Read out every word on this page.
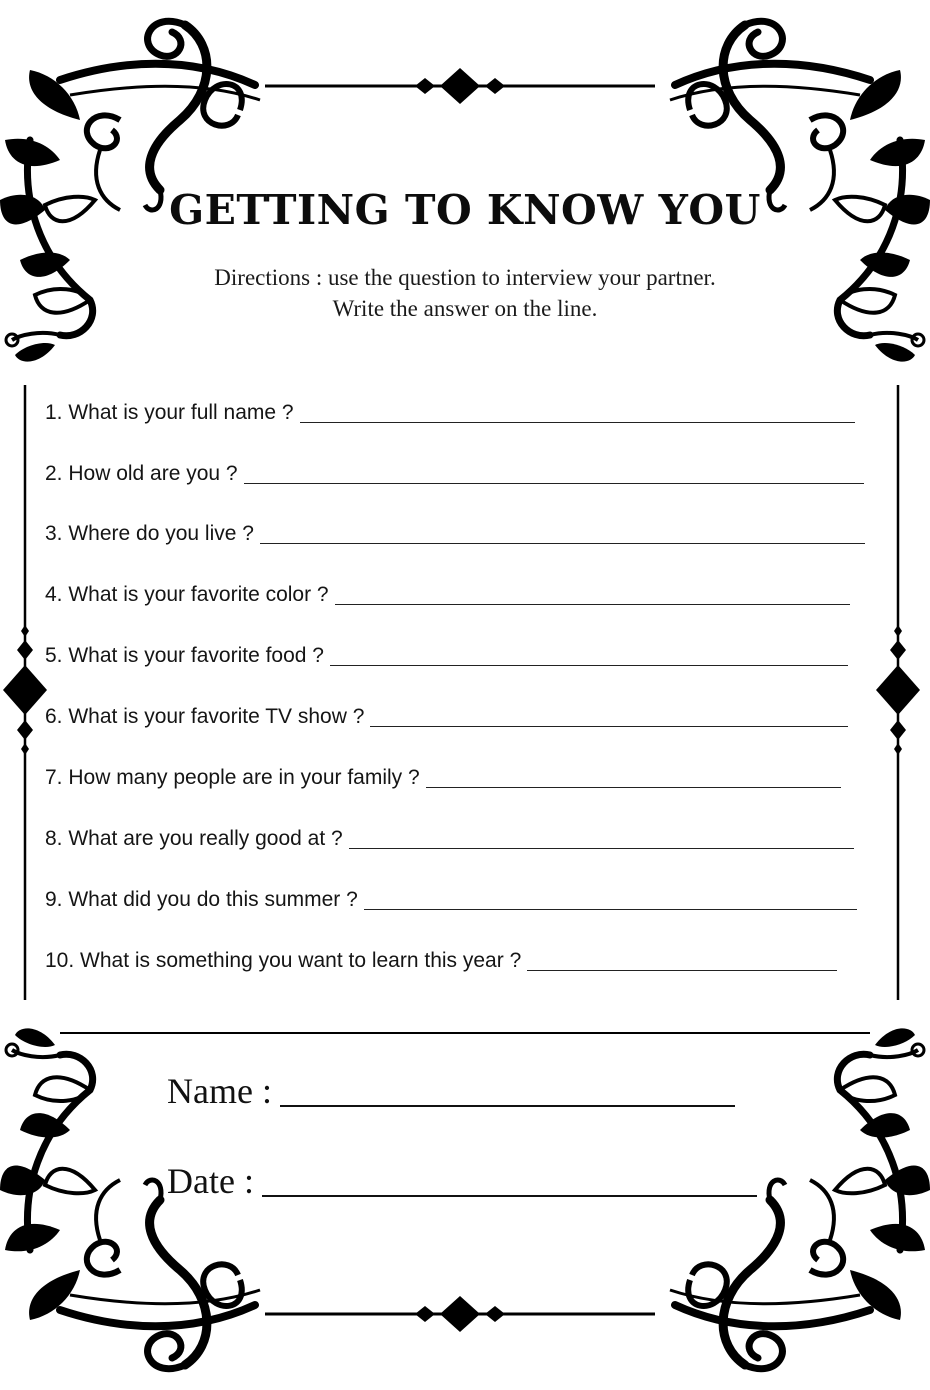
GETTING TO KNOW YOU
Directions : use the question to interview your partner.
Write the answer on the line.
1. What is your full name ?
2. How old are you ?
3. Where do you live ?
4. What is your favorite color ?
5. What is your favorite food ?
6. What is your favorite TV show ?
7. How many people are in your family ?
8. What are you really good at ?
9. What did you do this summer ?
10. What is something you want to learn this year ?
Name :
Date :
